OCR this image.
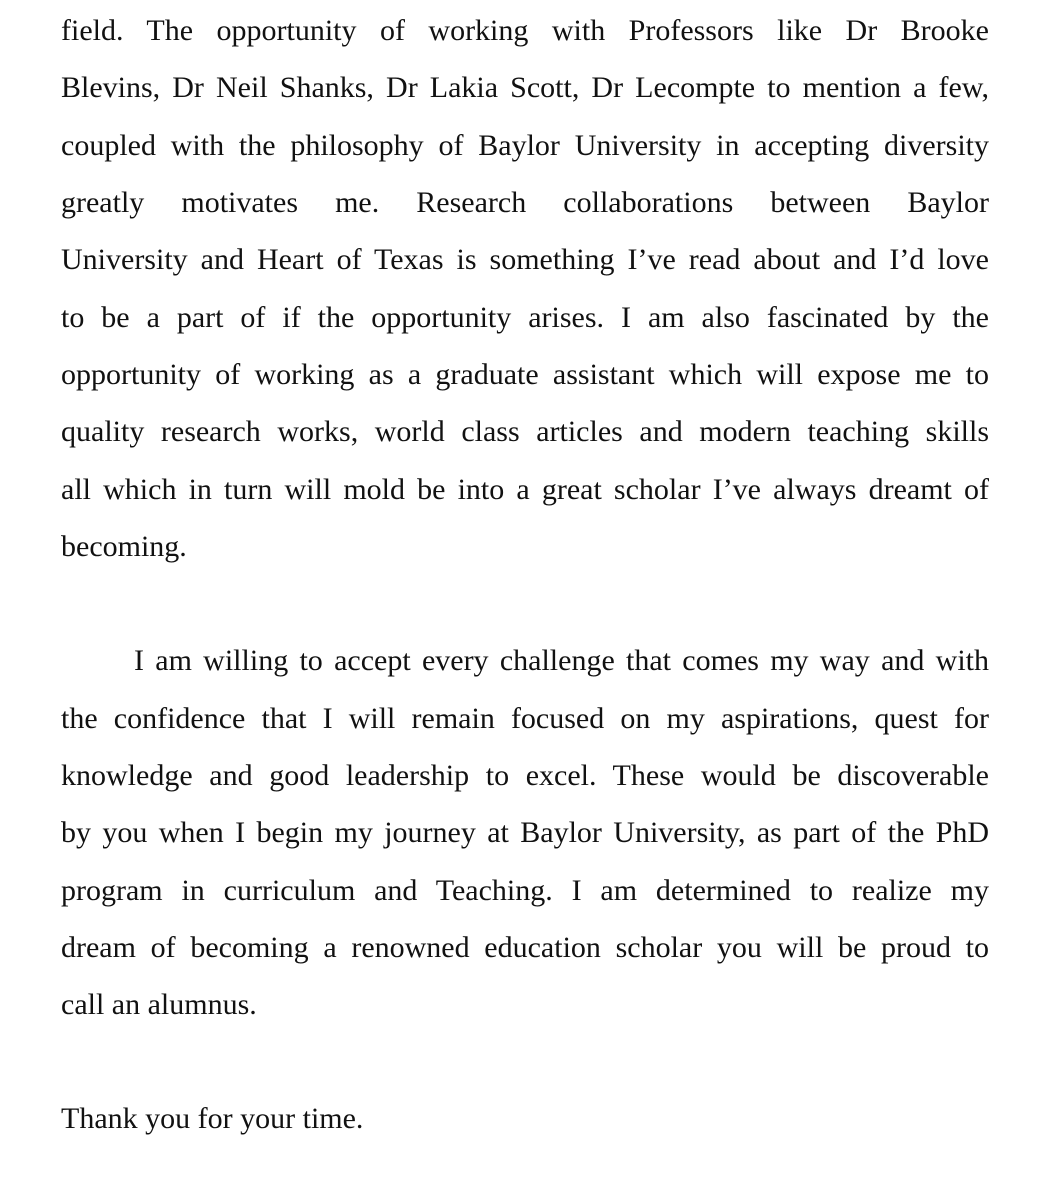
field. The opportunity of working with Professors like Dr Brooke
Blevins, Dr Neil Shanks, Dr Lakia Scott, Dr Lecompte to mention a few,
coupled with the philosophy of Baylor University in accepting diversity
greatly motivates me. Research collaborations between Baylor
University and Heart of Texas is something I’ve read about and I’d love
to be a part of if the opportunity arises. I am also fascinated by the
opportunity of working as a graduate assistant which will expose me to
quality research works, world class articles and modern teaching skills
all which in turn will mold be into a great scholar I’ve always dreamt of
becoming.
I am willing to accept every challenge that comes my way and with
the confidence that I will remain focused on my aspirations, quest for
knowledge and good leadership to excel. These would be discoverable
by you when I begin my journey at Baylor University, as part of the PhD
program in curriculum and Teaching. I am determined to realize my
dream of becoming a renowned education scholar you will be proud to
call an alumnus.
Thank you for your time.
